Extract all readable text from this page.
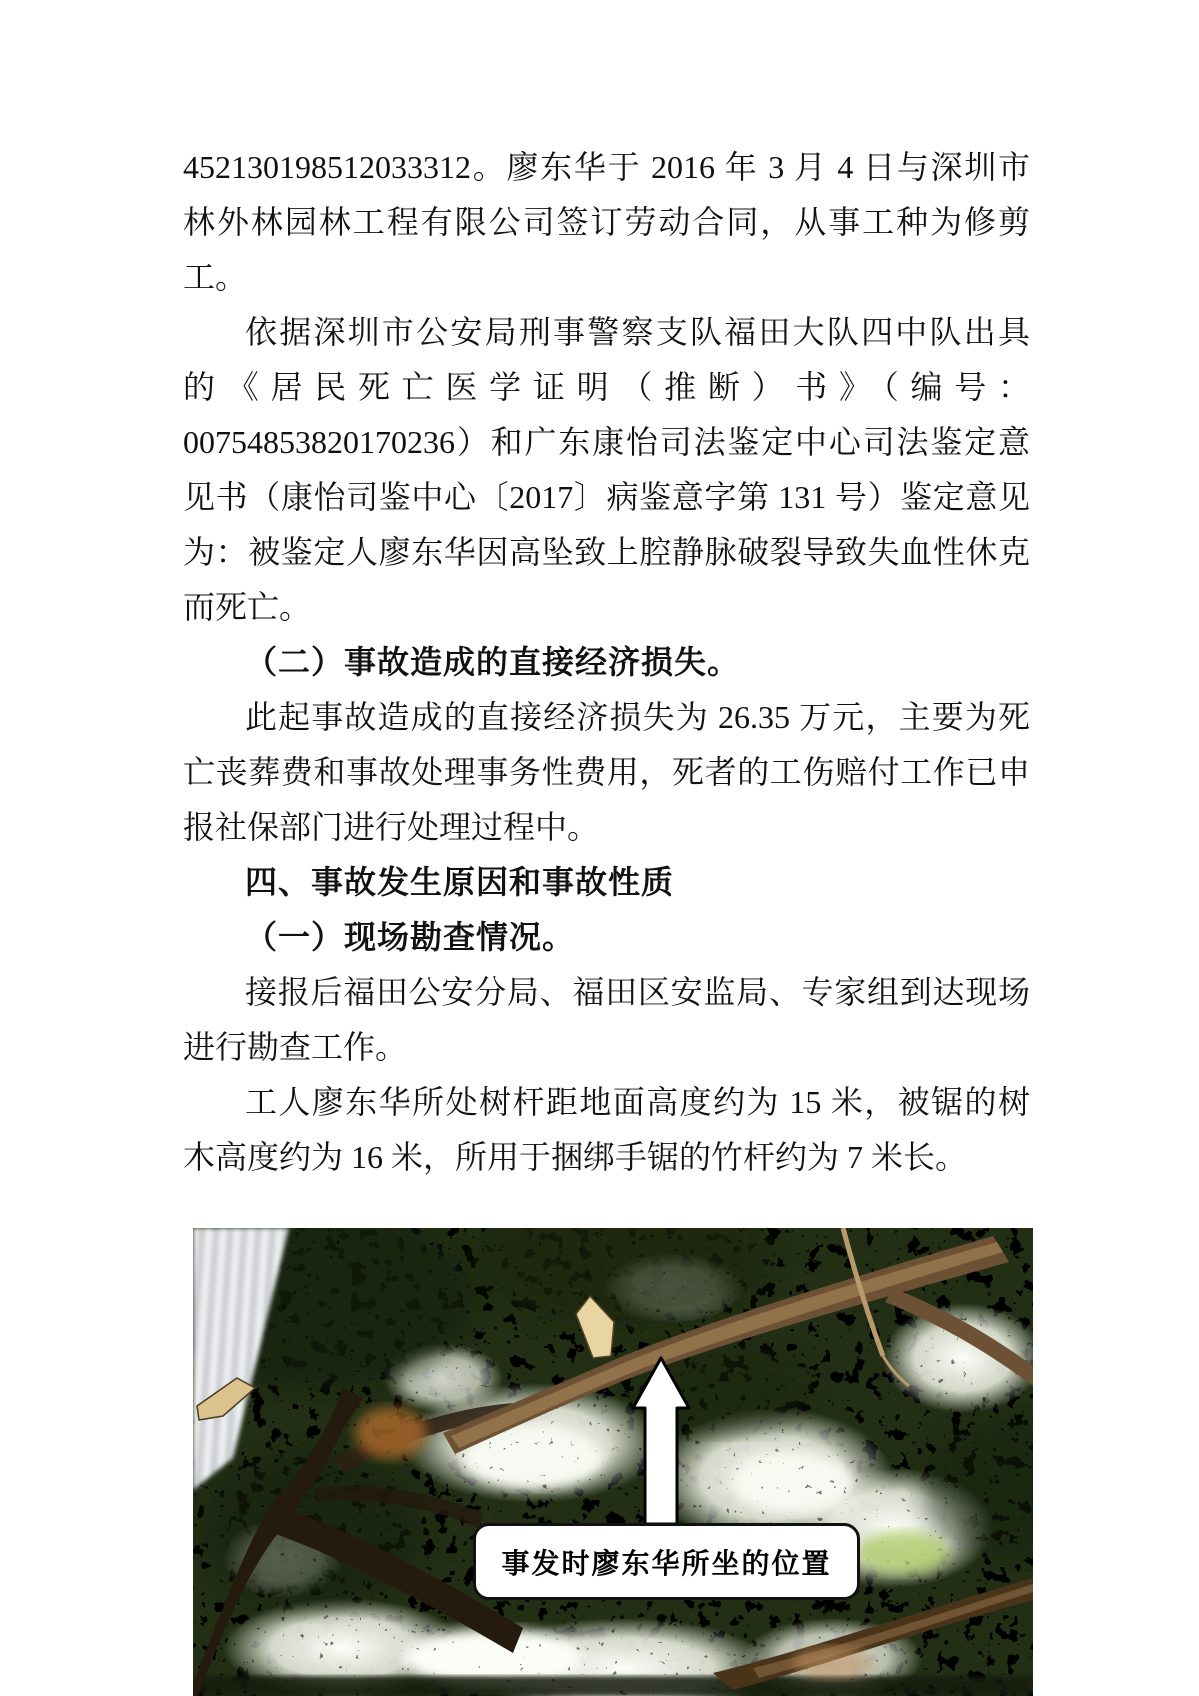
452130198512033312。廖东华于 2016 年 3 月 4 日与深圳市
林外林园林工程有限公司签订劳动合同，从事工种为修剪
工。
依据深圳市公安局刑事警察支队福田大队四中队出具
的《居民死亡医学证明（推断）书》（编号：
00754853820170236）和广东康怡司法鉴定中心司法鉴定意
见书（康怡司鉴中心〔2017〕病鉴意字第 131 号）鉴定意见
为：被鉴定人廖东华因高坠致上腔静脉破裂导致失血性休克
而死亡。
（二）事故造成的直接经济损失。
此起事故造成的直接经济损失为 26.35 万元，主要为死
亡丧葬费和事故处理事务性费用，死者的工伤赔付工作已申
报社保部门进行处理过程中。
四、事故发生原因和事故性质
（一）现场勘查情况。
接报后福田公安分局、福田区安监局、专家组到达现场
进行勘查工作。
工人廖东华所处树杆距地面高度约为 15 米，被锯的树
木高度约为 16 米，所用于捆绑手锯的竹杆约为 7 米长。
事发时廖东华所坐的位置
